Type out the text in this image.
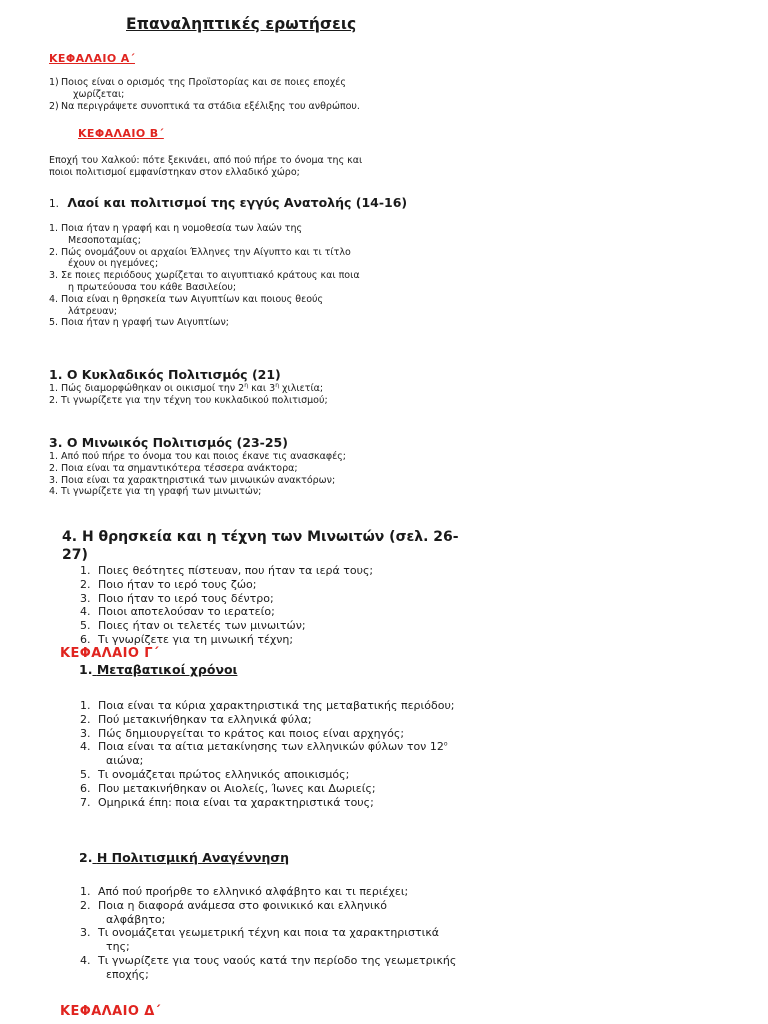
Επαναληπτικές ερωτήσεις
ΚΕΦΑΛΑΙΟ Α΄
1) Ποιος είναι ο ορισμός της Προϊστορίας και σε ποιες εποχές
χωρίζεται;
2) Να περιγράψετε συνοπτικά τα στάδια εξέλιξης του ανθρώπου.
ΚΕΦΑΛΑΙΟ Β΄
Εποχή του Χαλκού: πότε ξεκινάει, από πού πήρε το όνομα της και
ποιοι πολιτισμοί εμφανίστηκαν στον ελλαδικό χώρο;
1. Λαοί και πολιτισμοί της εγγύς Ανατολής (14-16)
1. Ποια ήταν η γραφή και η νομοθεσία των λαών της
Μεσοποταμίας;
2. Πώς ονομάζουν οι αρχαίοι Έλληνες την Αίγυπτο και τι τίτλο
έχουν οι ηγεμόνες;
3. Σε ποιες περιόδους χωρίζεται το αιγυπτιακό κράτους και ποια
η πρωτεύουσα του κάθε Βασιλείου;
4. Ποια είναι η θρησκεία των Αιγυπτίων και ποιους θεούς
λάτρευαν;
5. Ποια ήταν η γραφή των Αιγυπτίων;
1. Ο Κυκλαδικός Πολιτισμός (21)
1. Πώς διαμορφώθηκαν οι οικισμοί την $2^\eta$ και $3^\eta$ χιλιετία;
2. Τι γνωρίζετε για την τέχνη του κυκλαδικού πολιτισμού;
3. Ο Μινωικός Πολιτισμός (23-25)
1. Από πού πήρε το όνομα του και ποιος έκανε τις ανασκαφές;
2. Ποια είναι τα σημαντικότερα τέσσερα ανάκτορα;
3. Ποια είναι τα χαρακτηριστικά των μινωικών ανακτόρων;
4. Τι γνωρίζετε για τη γραφή των μινωιτών;
4. Η θρησκεία και η τέχνη των Μινωιτών (σελ. 26-
27)
1. Ποιες θεότητες πίστευαν, που ήταν τα ιερά τους;
2. Ποιο ήταν το ιερό τους ζώο;
3. Ποιο ήταν το ιερό τους δέντρο;
4. Ποιοι αποτελούσαν το ιερατείο;
5. Ποιες ήταν οι τελετές των μινωιτών;
6. Τι γνωρίζετε για τη μινωική τέχνη;
ΚΕΦΑΛΑΙΟ Γ΄
1. Μεταβατικοί χρόνοι
1. Ποια είναι τα κύρια χαρακτηριστικά της μεταβατικής περιόδου;
2. Πού μετακινήθηκαν τα ελληνικά φύλα;
3. Πώς δημιουργείται το κράτος και ποιος είναι αρχηγός;
4. Ποια είναι τα αίτια μετακίνησης των ελληνικών φύλων τον $12^o$
αιώνα;
5. Τι ονομάζεται πρώτος ελληνικός αποικισμός;
6. Που μετακινήθηκαν οι Αιολείς, Ίωνες και Δωριείς;
7. Ομηρικά έπη: ποια είναι τα χαρακτηριστικά τους;
2. Η Πολιτισμική Αναγέννηση
1. Από πού προήρθε το ελληνικό αλφάβητο και τι περιέχει;
2. Ποια η διαφορά ανάμεσα στο φοινικικό και ελληνικό
αλφάβητο;
3. Τι ονομάζεται γεωμετρική τέχνη και ποια τα χαρακτηριστικά
της;
4. Τι γνωρίζετε για τους ναούς κατά την περίοδο της γεωμετρικής
εποχής;
ΚΕΦΑΛΑΙΟ Δ΄
